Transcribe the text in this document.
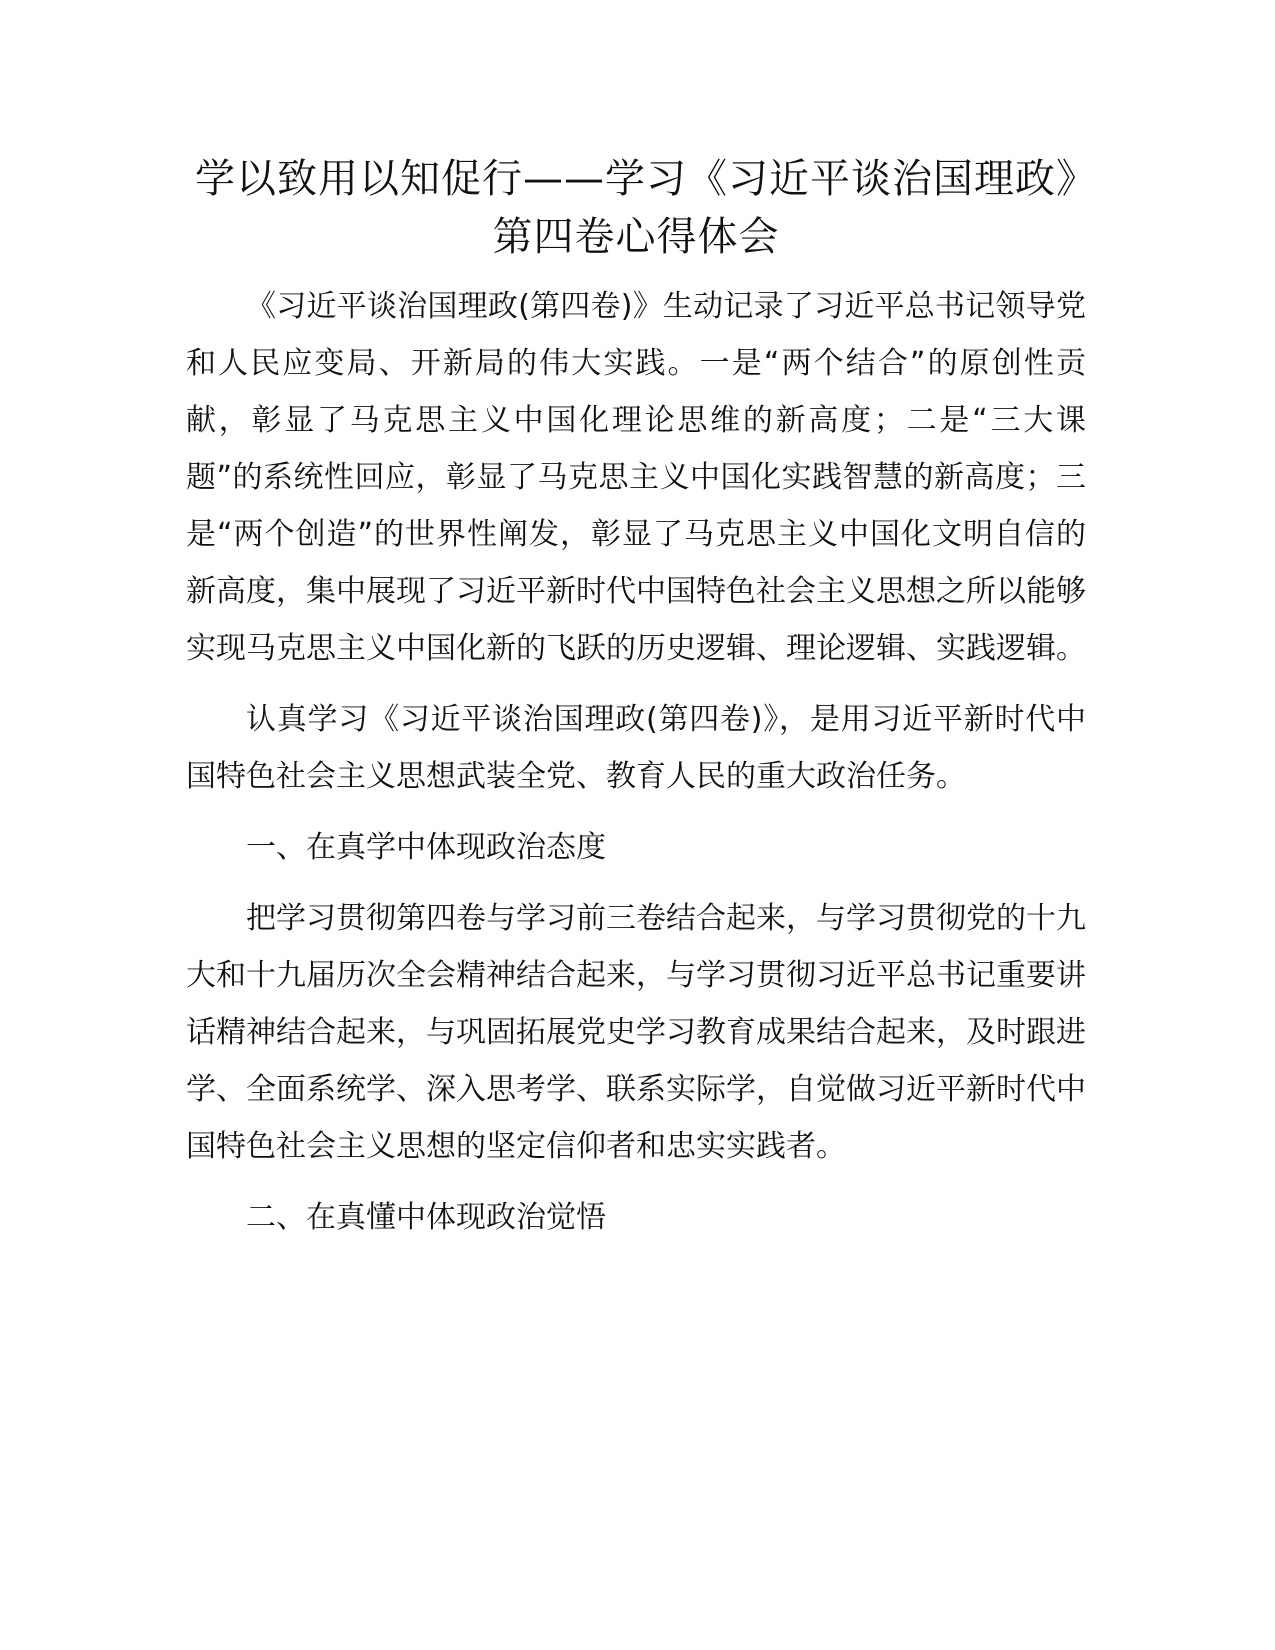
学以致用以知促行——学习《习近平谈治国理政》第四卷心得体会

《习近平谈治国理政(第四卷)》生动记录了习近平总书记领导党和人民应变局、开新局的伟大实践。一是“两个结合”的原创性贡献，彰显了马克思主义中国化理论思维的新高度；二是“三大课题”的系统性回应，彰显了马克思主义中国化实践智慧的新高度；三是“两个创造”的世界性阐发，彰显了马克思主义中国化文明自信的新高度，集中展现了习近平新时代中国特色社会主义思想之所以能够实现马克思主义中国化新的飞跃的历史逻辑、理论逻辑、实践逻辑。

认真学习《习近平谈治国理政(第四卷)》，是用习近平新时代中国特色社会主义思想武装全党、教育人民的重大政治任务。

一、在真学中体现政治态度

把学习贯彻第四卷与学习前三卷结合起来，与学习贯彻党的十九大和十九届历次全会精神结合起来，与学习贯彻习近平总书记重要讲话精神结合起来，与巩固拓展党史学习教育成果结合起来，及时跟进学、全面系统学、深入思考学、联系实际学，自觉做习近平新时代中国特色社会主义思想的坚定信仰者和忠实实践者。

二、在真懂中体现政治觉悟
